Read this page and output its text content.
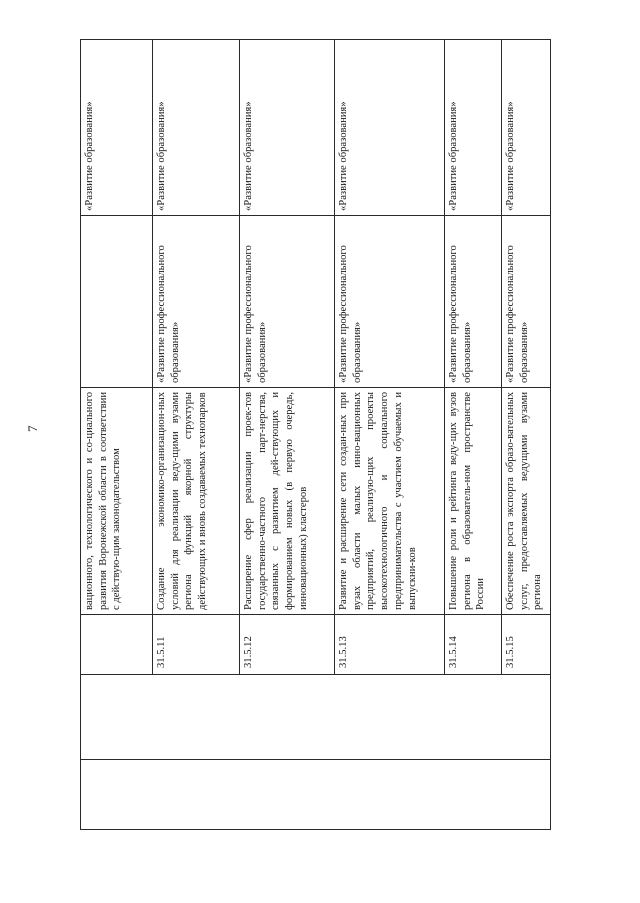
7
				вационного, технологического и со-циального развития Воронежской области в соответствии с действую-щим законодательством		«Развитие образования»
		31.5.11	Создание экономико-организацион-ных условий для реализации веду-щими вузами региона функций якорной структуры действующих и вновь создаваемых технопарков	«Развитие профессионального образования»	«Развитие образования»
		31.5.12	Расширение сфер реализации проек-тов государственно-частного парт-нерства, связанных с развитием дей-ствующих и формированием новых (в первую очередь, инновационных) кластеров	«Развитие профессионального образования»	«Развитие образования»
		31.5.13	Развитие и расширение сети создан-ных при вузах области малых инно-вационных предприятий, реализую-щих проекты высокотехнологичного и социального предпринимательства с участием обучаемых и выпускни-ков	«Развитие профессионального образования»	«Развитие образования»
		31.5.14	Повышение роли и рейтинга веду-щих вузов региона в образователь-ном пространстве России	«Развитие профессионального образования»	«Развитие образования»
		31.5.15	Обеспечение роста экспорта образо-вательных услуг, предоставляемых ведущими вузами региона	«Развитие профессионального образования»	«Развитие образования»
